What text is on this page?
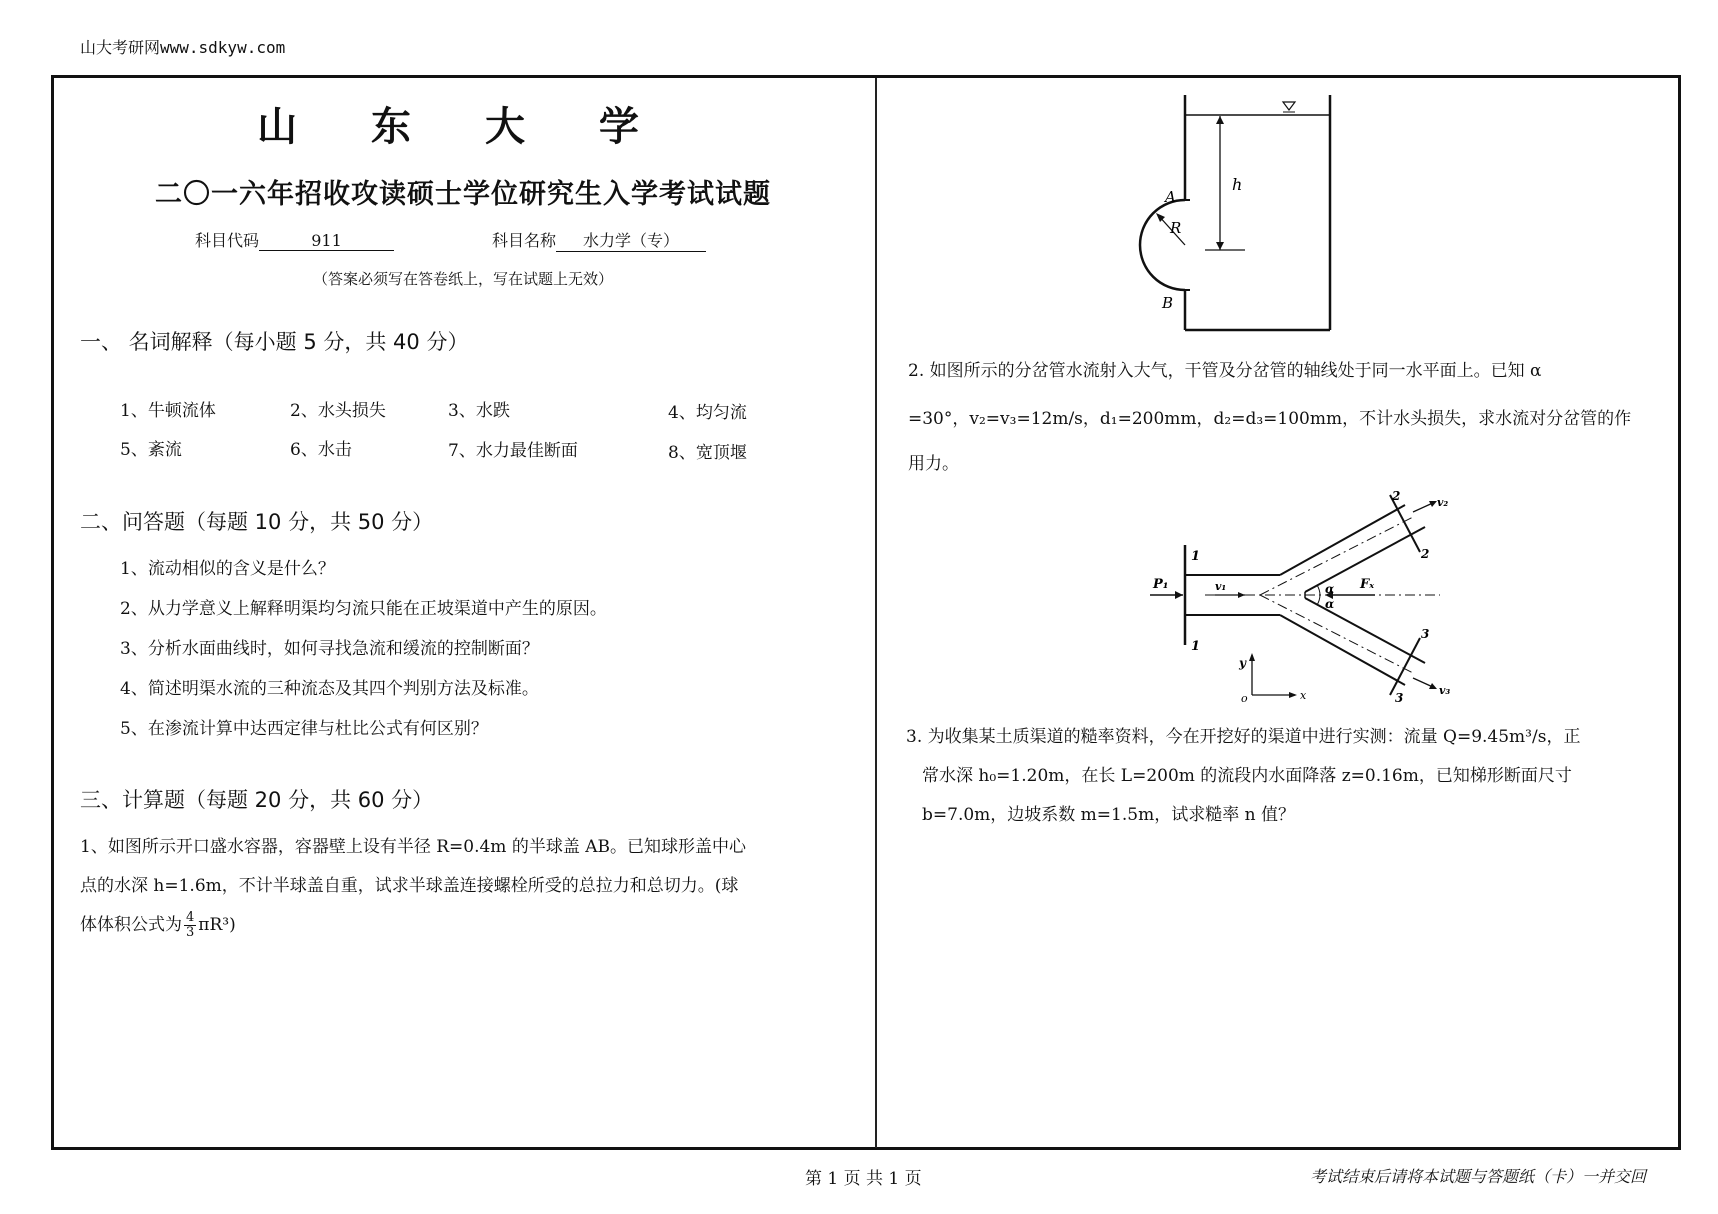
山大考研网www.sdkyw.com
山 东 大 学
二〇一六年招收攻读硕士学位研究生入学考试试题
科目代码	911	科目名称 水力学（专）
（答案必须写在答卷纸上，写在试题上无效）
一、 名词解释（每小题 5 分，共 40 分）
1、牛顿流体	2、水头损失	3、水跌	4、均匀流
5、紊流	6、水击	7、水力最佳断面	8、宽顶堰
二、问答题（每题 10 分，共 50 分）
1、流动相似的含义是什么？
2、从力学意义上解释明渠均匀流只能在正坡渠道中产生的原因。
3、分析水面曲线时，如何寻找急流和缓流的控制断面？
4、简述明渠水流的三种流态及其四个判别方法及标准。
5、在渗流计算中达西定律与杜比公式有何区别？
三、计算题（每题 20 分，共 60 分）
1、如图所示开口盛水容器，容器壁上设有半径 R=0.4m 的半球盖 AB。已知球形盖中心
点的水深 h=1.6m，不计半球盖自重，试求半球盖连接螺栓所受的总拉力和总切力。(球
体体积公式为 $\frac{4}{3} \pi R^3$)
h
R
A
B
2. 如图所示的分岔管水流射入大气，干管及分岔管的轴线处于同一水平面上。已知 α
=30°，v₂=v₃=12m/s，d₁=200mm，d₂=d₃=100mm，不计水头损失，求水流对分岔管的作
用力。
1
1
2
2
v₂
3
3
v₃
P₁	v₁	Fₓ
α
α
y
x
o
3. 为收集某土质渠道的糙率资料，今在开挖好的渠道中进行实测：流量 Q=9.45m³/s，正
常水深 h₀=1.20m，在长 L=200m 的流段内水面降落 z=0.16m，已知梯形断面尺寸
b=7.0m，边坡系数 m=1.5m，试求糙率 n 值？
第 1 页 共 1 页	考试结束后请将本试题与答题纸（卡）一并交回
